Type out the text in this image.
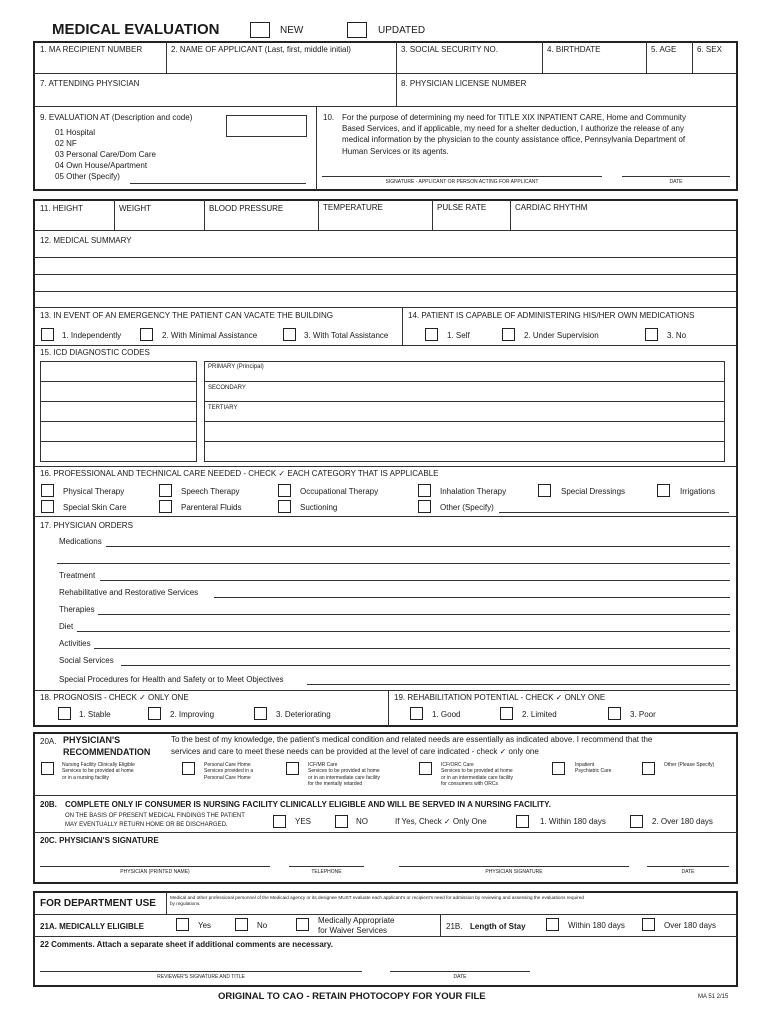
MEDICAL EVALUATION	NEW	UPDATED
1. MA RECIPIENT NUMBER	2. NAME OF APPLICANT (Last, first, middle initial)	3. SOCIAL SECURITY NO.	4. BIRTHDATE	5. AGE	6. SEX
7. ATTENDING PHYSICIAN	8. PHYSICIAN LICENSE NUMBER
9. EVALUATION AT (Description and code)
01 Hospital
02 NF
03 Personal Care/Dom Care
04 Own House/Apartment
05 Other (Specify)
10. For the purpose of determining my need for TITLE XIX INPATIENT CARE, Home and Community
Based Services, and if applicable, my need for a shelter deduction, I authorize the release of any
medical information by the physician to the county assistance office, Pennsylvania Department of
Human Services or its agents.
SIGNATURE - APPLICANT OR PERSON ACTING FOR APPLICANT	DATE
11. HEIGHT	WEIGHT	BLOOD PRESSURE	TEMPERATURE	PULSE RATE	CARDIAC RHYTHM
12. MEDICAL SUMMARY
13. IN EVENT OF AN EMERGENCY THE PATIENT CAN VACATE THE BUILDING
1. Independently	2. With Minimal Assistance	3. With Total Assistance
14. PATIENT IS CAPABLE OF ADMINISTERING HIS/HER OWN MEDICATIONS
1. Self	2. Under Supervision	3. No
15. ICD DIAGNOSTIC CODES
PRIMARY (Principal)
SECONDARY
TERTIARY
16. PROFESSIONAL AND TECHNICAL CARE NEEDED - CHECK ✓ EACH CATEGORY THAT IS APPLICABLE
Physical Therapy	Speech Therapy	Occupational Therapy	Inhalation Therapy	Special Dressings	Irrigations
Special Skin Care	Parenteral Fluids	Suctioning	Other (Specify)
17. PHYSICIAN ORDERS
Medications
Treatment
Rehabilitative and Restorative Services
Therapies
Diet
Activities
Social Services
Special Procedures for Health and Safety or to Meet Objectives
18. PROGNOSIS - CHECK ✓ ONLY ONE
1. Stable	2. Improving	3. Deteriorating
19. REHABILITATION POTENTIAL - CHECK ✓ ONLY ONE
1. Good	2. Limited	3. Poor
20A. PHYSICIAN'S
RECOMMENDATION
To the best of my knowledge, the patient's medical condition and related needs are essentially as indicated above. I recommend that the
services and care to meet these needs can be provided at the level of care indicated - check ✓ only one
Nursing Facility Clinically Eligible
Services to be provided at home
or in a nursing facility
Personal Care Home
Services provided in a
Personal Care Home
ICF/MR Care
Services to be provided at home
or in an intermediate care facility
for the mentally retarded
ICF/ORC Care
Services to be provided at home
or in an intermediate care facility
for consumers with ORCs
Inpatient
Psychiatric Care
Other (Please Specify)
20B. COMPLETE ONLY IF CONSUMER IS NURSING FACILITY CLINICALLY ELIGIBLE AND WILL BE SERVED IN A NURSING FACILITY.
ON THE BASIS OF PRESENT MEDICAL FINDINGS THE PATIENT
MAY EVENTUALLY RETURN HOME OR BE DISCHARGED.	YES	NO	If Yes, Check ✓ Only One	1. Within 180 days	2. Over 180 days
20C. PHYSICIAN'S SIGNATURE
PHYSICIAN (PRINTED NAME)	TELEPHONE	PHYSICIAN SIGNATURE	DATE
FOR DEPARTMENT USE
Medical and other professional personnel of the Medicaid agency or its designee MUST evaluate each applicant's or recipient's need for admission by reviewing and assessing the evaluations required
by regulations.
21A. MEDICALLY ELIGIBLE	Yes	No
Medically Appropriate
for Waiver Services	21B. Length of Stay	Within 180 days	Over 180 days
22 Comments. Attach a separate sheet if additional comments are necessary.
REVIEWER'S SIGNATURE AND TITLE	DATE
ORIGINAL TO CAO - RETAIN PHOTOCOPY FOR YOUR FILE	MA 51 2/15
